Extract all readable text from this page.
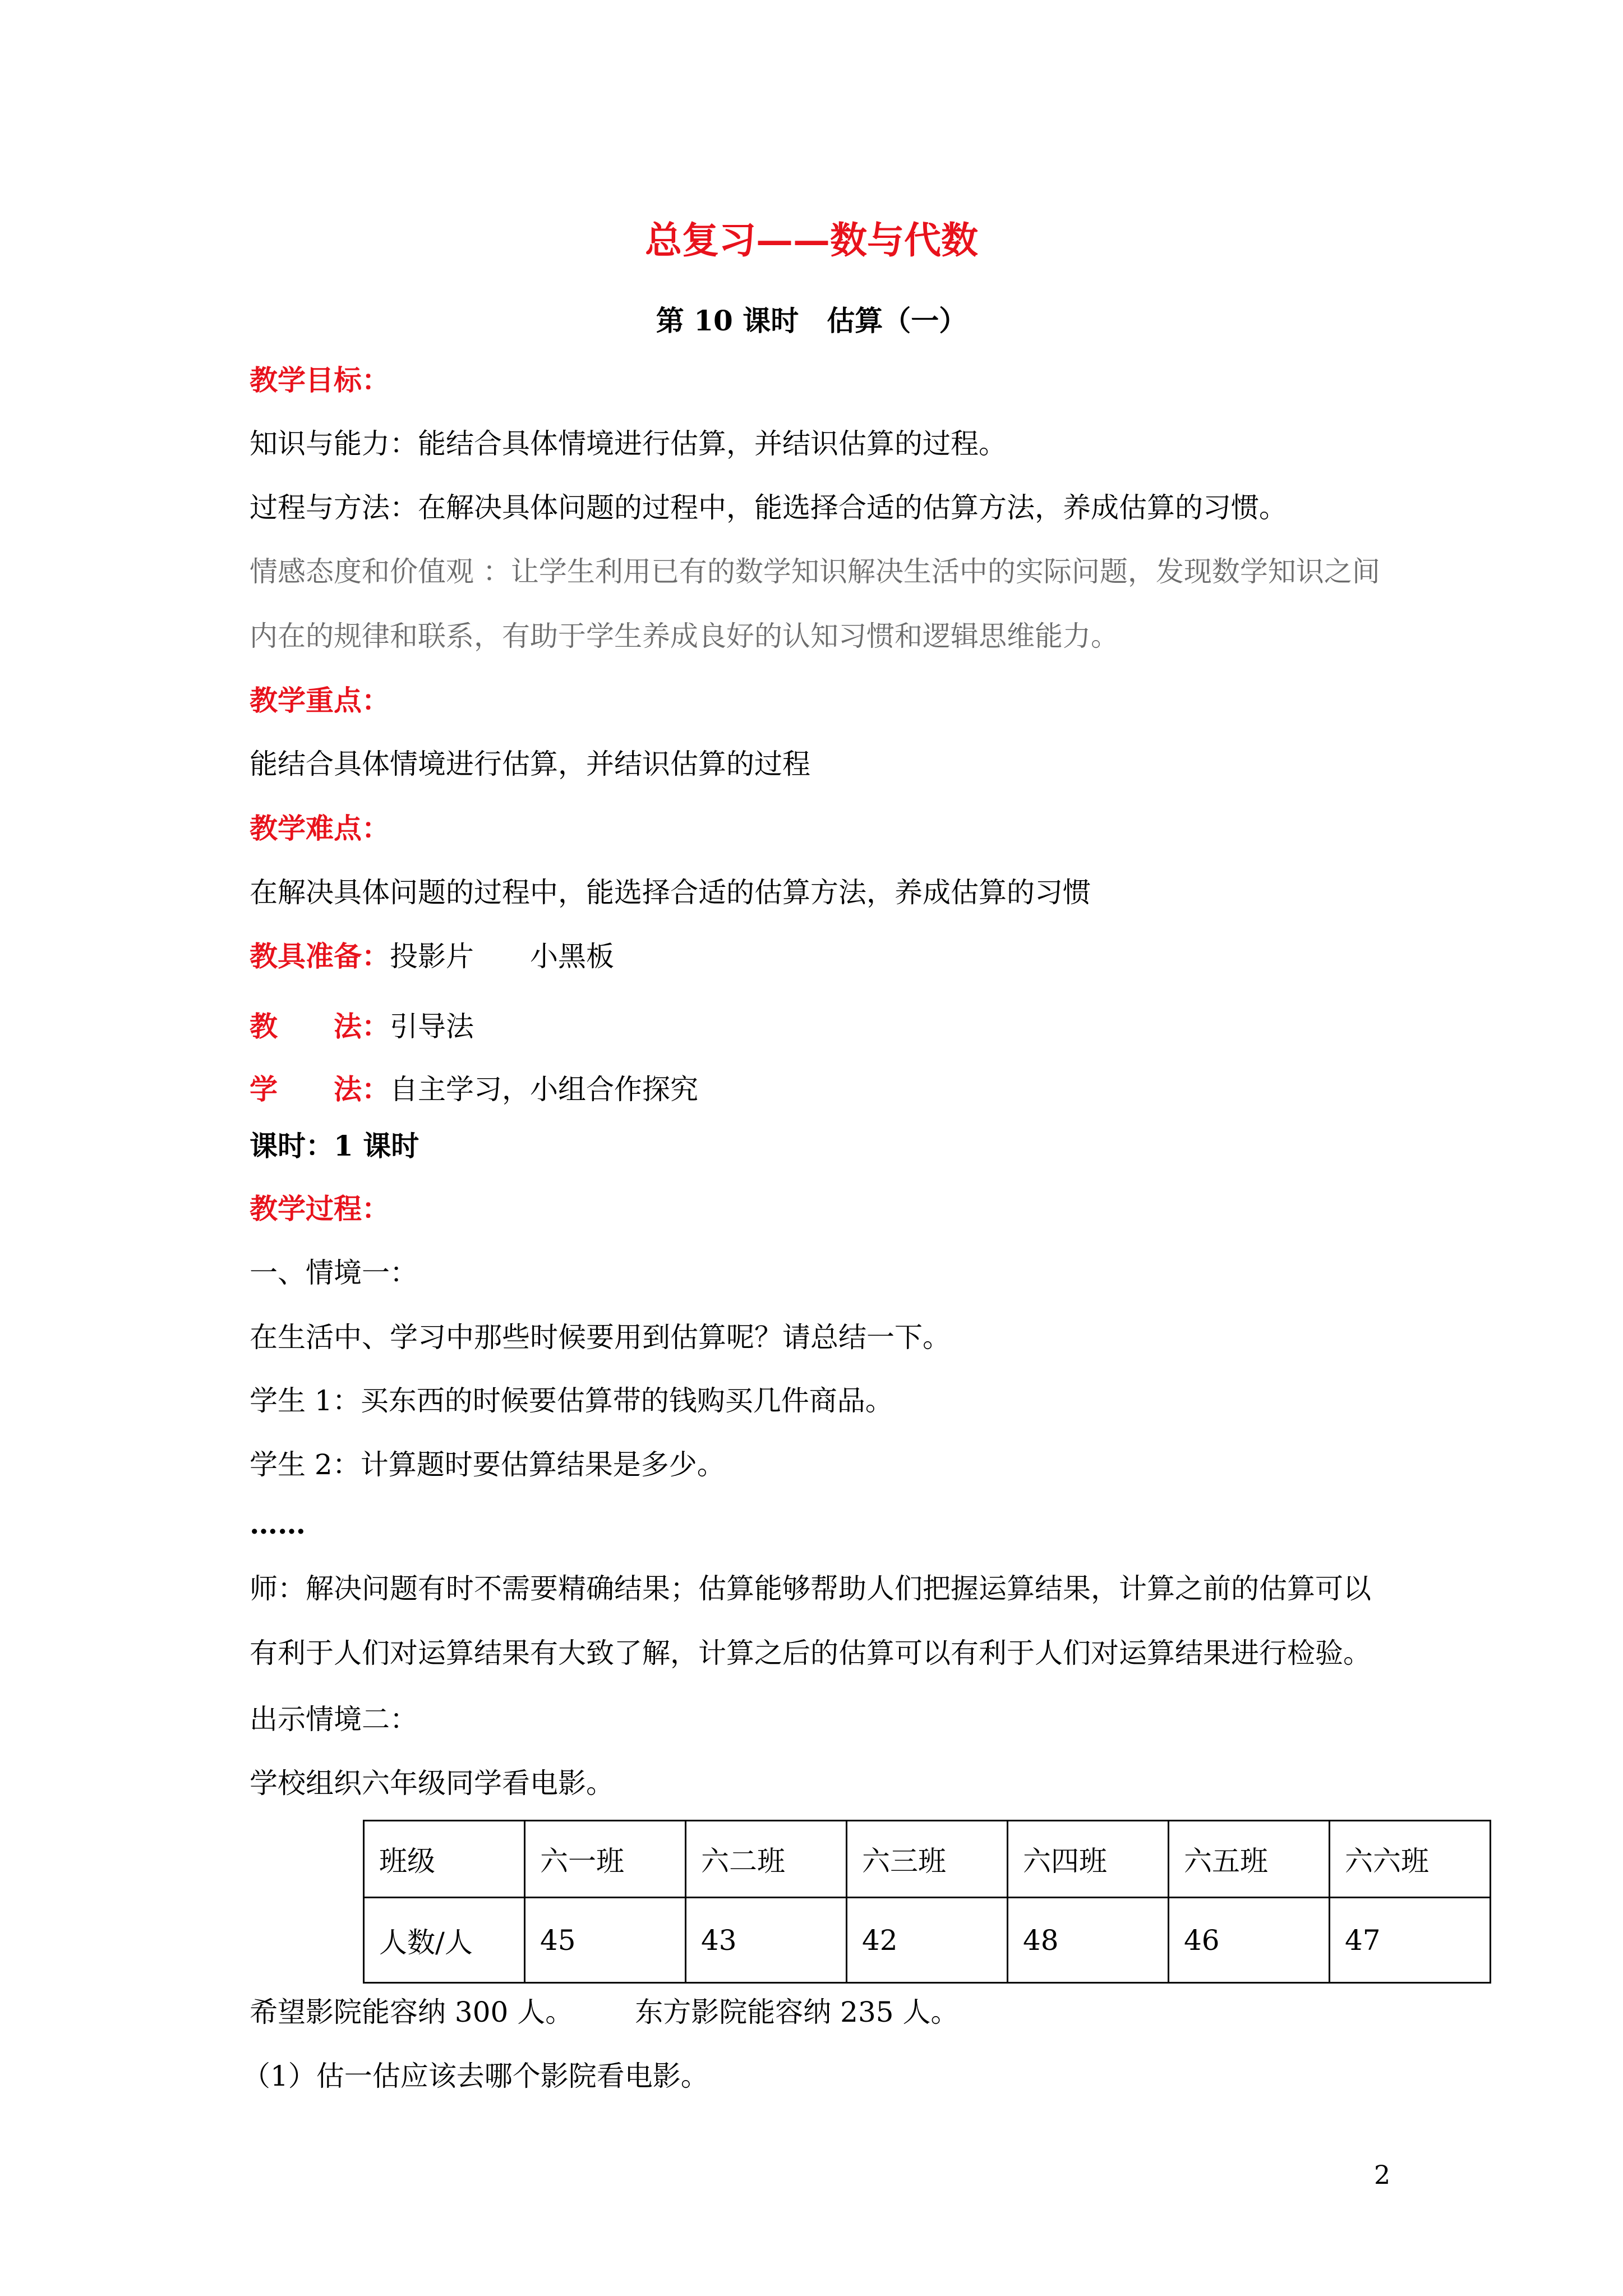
总复习——数与代数
第 10 课时　估算（一）
教学目标：
知识与能力：能结合具体情境进行估算，并结识估算的过程。
过程与方法：在解决具体问题的过程中，能选择合适的估算方法，养成估算的习惯。
情感态度和价值观 ：让学生利用已有的数学知识解决生活中的实际问题，发现数学知识之间内在的规律和联系，有助于学生养成良好的认知习惯和逻辑思维能力。
教学重点：
能结合具体情境进行估算，并结识估算的过程
教学难点：
在解决具体问题的过程中，能选择合适的估算方法，养成估算的习惯
教具准备：投影片　　小黑板
教　　法：引导法
学　　法：自主学习，小组合作探究
课时：1 课时
教学过程：
一、情境一：
在生活中、学习中那些时候要用到估算呢？请总结一下。
学生 1：买东西的时候要估算带的钱购买几件商品。
学生 2：计算题时要估算结果是多少。
……
师：解决问题有时不需要精确结果；估算能够帮助人们把握运算结果，计算之前的估算可以有利于人们对运算结果有大致了解，计算之后的估算可以有利于人们对运算结果进行检验。
出示情境二：
学校组织六年级同学看电影。
班级	六一班	六二班	六三班	六四班	六五班	六六班
人数/人	45	43	42	48	46	47
希望影院能容纳 300 人。 东方影院能容纳 235 人。
（1）估一估应该去哪个影院看电影。
2
